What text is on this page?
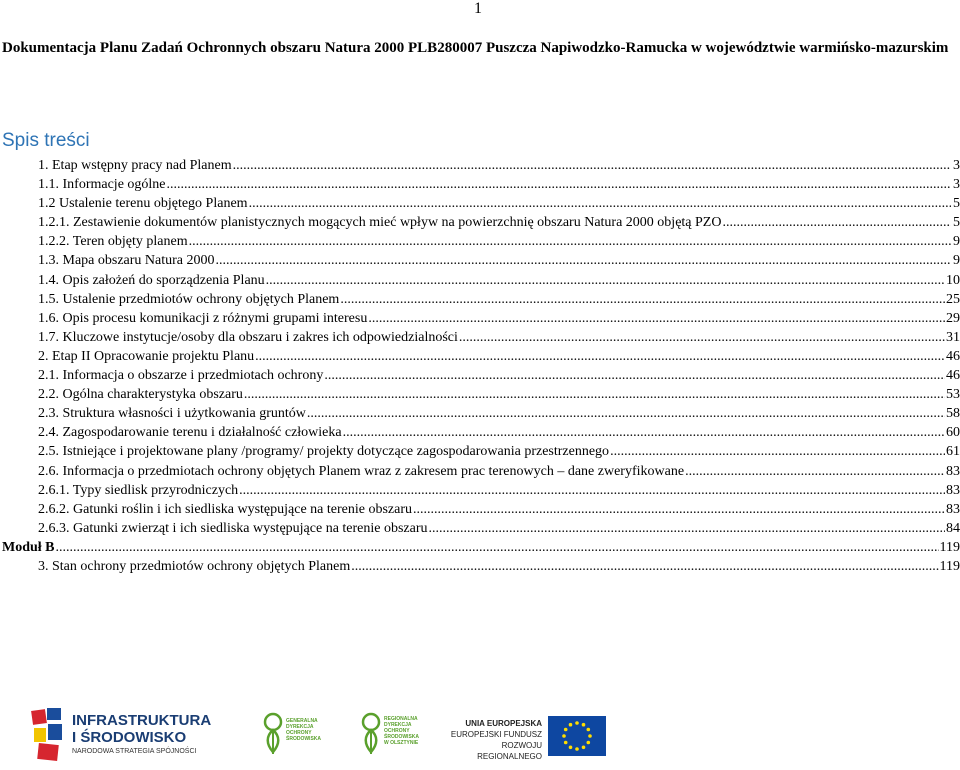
1
Dokumentacja Planu Zadań Ochronnych obszaru Natura 2000 PLB280007 Puszcza Napiwodzko-Ramucka w województwie warmińsko-mazurskim
Spis treści
1. Etap wstępny pracy nad Planem .....	3
1.1. Informacje ogólne .....	3
1.2 Ustalenie terenu objętego Planem .....	5
1.2.1. Zestawienie dokumentów planistycznych mogących mieć wpływ na powierzchnię obszaru Natura 2000 objętą PZO .....	5
1.2.2. Teren objęty planem .....	9
1.3. Mapa obszaru Natura 2000 .....	9
1.4. Opis założeń do sporządzenia Planu .....	10
1.5. Ustalenie przedmiotów ochrony objętych Planem .....	25
1.6. Opis procesu komunikacji z różnymi grupami interesu .....	29
1.7. Kluczowe instytucje/osoby dla obszaru i zakres ich odpowiedzialności .....	31
2. Etap II Opracowanie projektu Planu .....	46
2.1. Informacja o obszarze i przedmiotach ochrony .....	46
2.2. Ogólna charakterystyka obszaru .....	53
2.3. Struktura własności i użytkowania gruntów .....	58
2.4. Zagospodarowanie terenu i działalność człowieka .....	60
2.5. Istniejące i projektowane plany /programy/ projekty dotyczące zagospodarowania przestrzennego .....	61
2.6. Informacja o przedmiotach ochrony objętych Planem wraz z zakresem prac terenowych – dane zweryfikowane .....	83
2.6.1. Typy siedlisk przyrodniczych .....	83
2.6.2. Gatunki roślin i ich siedliska występujące na terenie obszaru .....	83
2.6.3. Gatunki zwierząt i ich siedliska występujące na terenie obszaru .....	84
Moduł B .....	119
3. Stan ochrony przedmiotów ochrony objętych Planem .....	119
INFRASTRUKTURA
I ŚRODOWISKO
NARODOWA STRATEGIA SPÓJNOŚCI
GENERALNA
DYREKCJA
OCHRONY
ŚRODOWISKA
REGIONALNA
DYREKCJA
OCHRONY
ŚRODOWISKA
W OLSZTYNIE
UNIA EUROPEJSKA
EUROPEJSKI FUNDUSZ
ROZWOJU REGIONALNEGO
